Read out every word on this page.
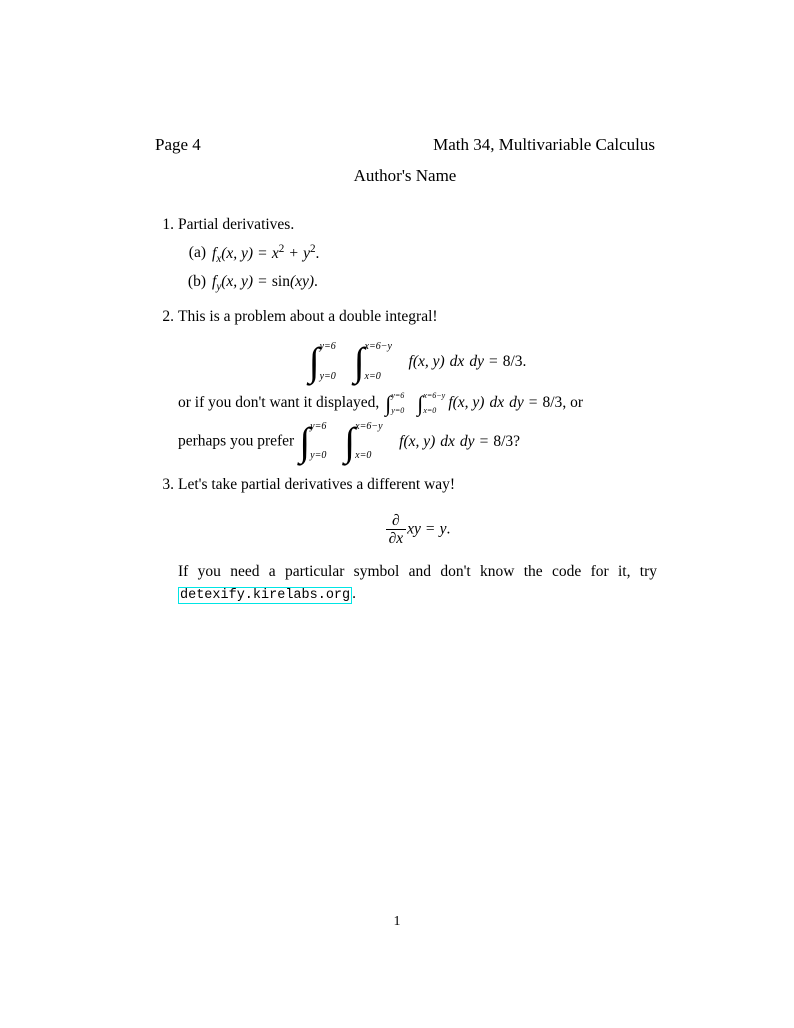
Page 4	Math 34, Multivariable Calculus
Author's Name
1. Partial derivatives.
(a) $f_x(x$, $y) = x^2 + y^2$.
(b) $f_y(x$, y) = sin(xy).
2. This is a problem about a double integral!
∫ y=6
y=0 ∫ x=6−y
x=0
f(x, y) dx dy = 8/3.
or if you don't want it displayed, ∫ y=6
y=0 ∫ x=6−y
x=0 f(x, y) dx dy = 8/3, or
perhaps you prefer ∫ y=6
y=0 ∫ x=6−y
x=0
f(x, y) dx dy = 8/3?
3. Let's take partial derivatives a different way!
$\frac{\partial}{\partial x}$ xy = y.
If you need a particular symbol and don't know the code for it, try detexify.kirelabs.org .
1
